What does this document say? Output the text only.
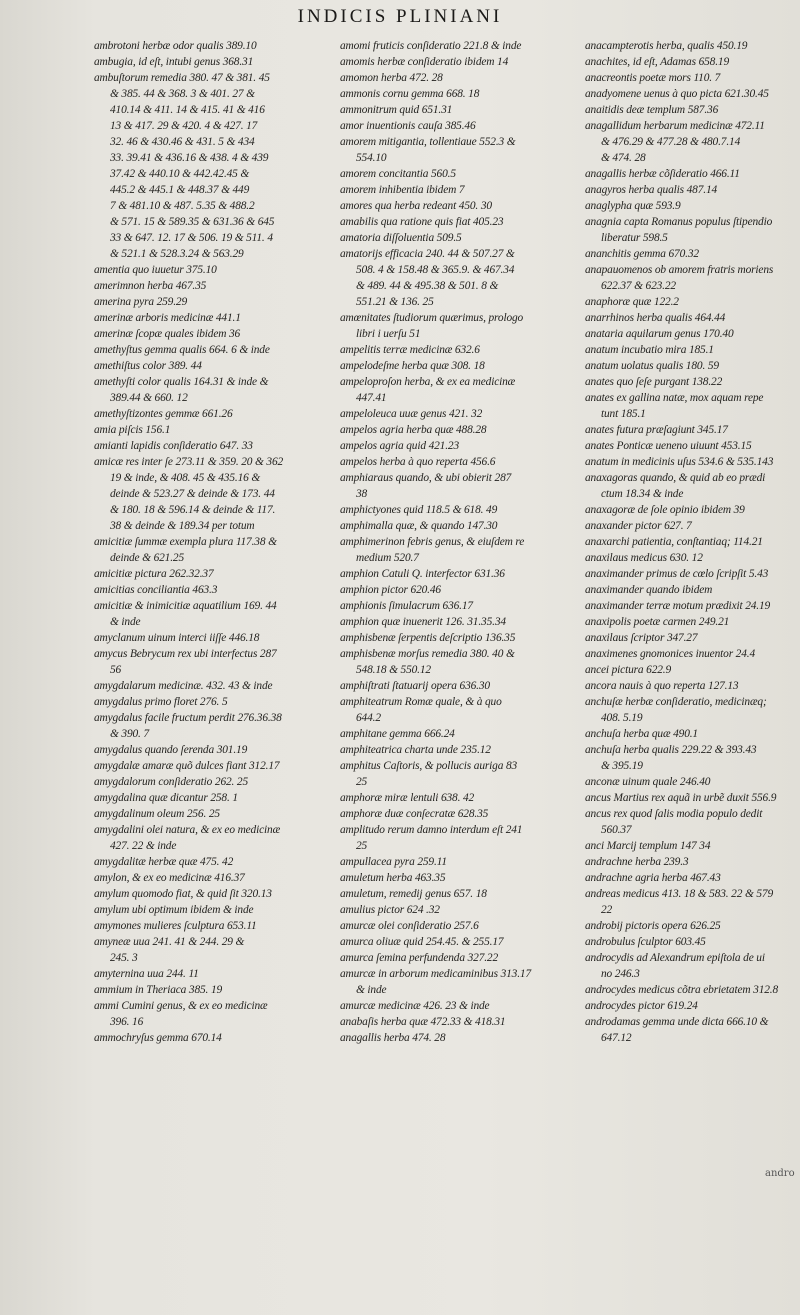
INDICIS PLINIANI
ambrotoni herbæ odor qualis 389.10
ambugia, id eſt, intubi genus 368.31
ambuſtorum remedia 380. 47 & 381. 45
& 385. 44 & 368. 3 & 401. 27 &
410.14 & 411. 14 & 415. 41 & 416
13 & 417. 29 & 420. 4 & 427. 17
32. 46 & 430.46 & 431. 5 & 434
33. 39.41 & 436.16 & 438. 4 & 439
37.42 & 440.10 & 442.42.45 &
445.2 & 445.1 & 448.37 & 449
7 & 481.10 & 487. 5.35 & 488.2
& 571. 15 & 589.35 & 631.36 & 645
33 & 647. 12. 17 & 506. 19 & 511. 4
& 521.1 & 528.3.24 & 563.29
amentia quo iuuetur 375.10
amerimnon herba 467.35
amerina pyra 259.29
amerinæ arboris medicinæ 441.1
amerinæ ſcopæ quales ibidem 36
amethyſtus gemma qualis 664. 6 & inde
amethiſtus color 389. 44
amethyſti color qualis 164.31 & inde &
389.44 & 660. 12
amethyſtizontes gemmæ 661.26
amia piſcis 156.1
amianti lapidis conſideratio 647. 33
amicæ res inter ſe 273.11 & 359. 20 & 362
19 & inde, & 408. 45 & 435.16 &
deinde & 523.27 & deinde & 173. 44
& 180. 18 & 596.14 & deinde & 117.
38 & deinde & 189.34 per totum
amicitiæ ſummæ exempla plura 117.38 &
deinde & 621.25
amicitiæ pictura 262.32.37
amicitias conciliantia 463.3
amicitiæ & inimicitiæ aquatilium 169. 44
& inde
amyclanum uinum interci iiſſe 446.18
amycus Bebrycum rex ubi interfectus 287
56
amygdalarum medicinæ. 432. 43 & inde
amygdalus primo floret 276. 5
amygdalus facile fructum perdit 276.36.38
& 390. 7
amygdalus quando ſerenda 301.19
amygdalæ amaræ quõ dulces fiant 312.17
amygdalorum conſideratio 262. 25
amygdalina quæ dicantur 258. 1
amygdalinum oleum 256. 25
amygdalini olei natura, & ex eo medicinæ
427. 22 & inde
amygdalitæ herbæ quæ 475. 42
amylon, & ex eo medicinæ 416.37
amylum quomodo fiat, & quid ſit 320.13
amylum ubi optimum ibidem & inde
amymones mulieres ſculptura 653.11
amyneæ uua 241. 41 & 244. 29 &
245. 3
amyternina uua 244. 11
ammium in Theriaca 385. 19
ammi Cumini genus, & ex eo medicinæ
396. 16
ammochryſus gemma 670.14
amomi fruticis conſideratio 221.8 & inde
amomis herbæ conſideratio ibidem 14
amomon herba 472. 28
ammonis cornu gemma 668. 18
ammonitrum quid 651.31
amor inuentionis cauſa 385.46
amorem mitigantia, tollentiaue 552.3 &
554.10
amorem concitantia 560.5
amorem inhibentia ibidem 7
amores qua herba redeant 450. 30
amabilis qua ratione quis fiat 405.23
amatoria diſſoluentia 509.5
amatorijs efficacia 240. 44 & 507.27 &
508. 4 & 158.48 & 365.9. & 467.34
& 489. 44 & 495.38 & 501. 8 &
551.21 & 136. 25
amœnitates ſtudiorum quærimus, prologo
libri i uerſu 51
ampelitis terræ medicinæ 632.6
ampelodeſme herba quæ 308. 18
ampeloproſon herba, & ex ea medicinæ
447.41
ampeloleuca uuæ genus 421. 32
ampelos agria herba quæ 488.28
ampelos agria quid 421.23
ampelos herba à quo reperta 456.6
amphiaraus quando, & ubi obierit 287
38
amphictyones quid 118.5 & 618. 49
amphimalla quæ, & quando 147.30
amphimerinon febris genus, & eiuſdem re
medium 520.7
amphion Catuli Q. interfector 631.36
amphion pictor 620.46
amphionis ſimulacrum 636.17
amphion quæ inuenerit 126. 31.35.34
amphisbenæ ſerpentis deſcriptio 136.35
amphisbenæ morſus remedia 380. 40 &
548.18 & 550.12
amphiſtrati ſtatuarij opera 636.30
amphiteatrum Romæ quale, & à quo
644.2
amphitane gemma 666.24
amphiteatrica charta unde 235.12
amphitus Caſtoris, & pollucis auriga 83
25
amphoræ miræ lentuli 638. 42
amphoræ duæ conſecratæ 628.35
amplitudo rerum damno interdum eſt 241
25
ampullacea pyra 259.11
amuletum herba 463.35
amuletum, remedij genus 657. 18
amulius pictor 624 .32
amurcæ olei conſideratio 257.6
amurca oliuæ quid 254.45. & 255.17
amurca ſemina perfundenda 327.22
amurcæ in arborum medicaminibus 313.17
& inde
amurcæ medicinæ 426. 23 & inde
anabaſis herba quæ 472.33 & 418.31
anagallis herba 474. 28
anacampterotis herba, qualis 450.19
anachites, id eſt, Adamas 658.19
anacreontis poetæ mors 110. 7
anadyomene uenus à quo picta 621.30.45
anaitidis deæ templum 587.36
anagallidum herbarum medicinæ 472.11
& 476.29 & 477.28 & 480.7.14
& 474. 28
anagallis herbæ cõſideratio 466.11
anagyros herba qualis 487.14
anaglypha quæ 593.9
anagnia capta Romanus populus ſtipendio
liberatur 598.5
ananchitis gemma 670.32
anapauomenos ob amorem fratris moriens
622.37 & 623.22
anaphoræ quæ 122.2
anarrhinos herba qualis 464.44
anataria aquilarum genus 170.40
anatum incubatio mira 185.1
anatum uolatus qualis 180. 59
anates quo ſeſe purgant 138.22
anates ex gallina natæ, mox aquam repe
tunt 185.1
anates futura præſagiunt 345.17
anates Ponticæ ueneno uiuunt 453.15
anatum in medicinis uſus 534.6 & 535.143
anaxagoras quando, & quid ab eo prædi
ctum 18.34 & inde
anaxagoræ de ſole opinio ibidem 39
anaxander pictor 627. 7
anaxarchi patientia, conſtantiaq; 114.21
anaxilaus medicus 630. 12
anaximander primus de cœlo ſcripſit 5.43
anaximander quando ibidem
anaximander terræ motum prædixit 24.19
anaxipolis poetæ carmen 249.21
anaxilaus ſcriptor 347.27
anaximenes gnomonices inuentor 24.4
ancei pictura 622.9
ancora nauis à quo reperta 127.13
anchuſæ herbæ conſideratio, medicinæq;
408. 5.19
anchuſa herba quæ 490.1
anchuſa herba qualis 229.22 & 393.43
& 395.19
anconæ uinum quale 246.40
ancus Martius rex aquã in urbẽ duxit 556.9
ancus rex quod ſalis modia populo dedit
560.37
anci Marcij templum 147 34
andrachne herba 239.3
andrachne agria herba 467.43
andreas medicus 413. 18 & 583. 22 & 579
22
androbij pictoris opera 626.25
androbulus ſculptor 603.45
androcydis ad Alexandrum epiſtola de ui
no 246.3
androcydes medicus cõtra ebrietatem 312.8
androcydes pictor 619.24
androdamas gemma unde dicta 666.10 &
647.12
andro
